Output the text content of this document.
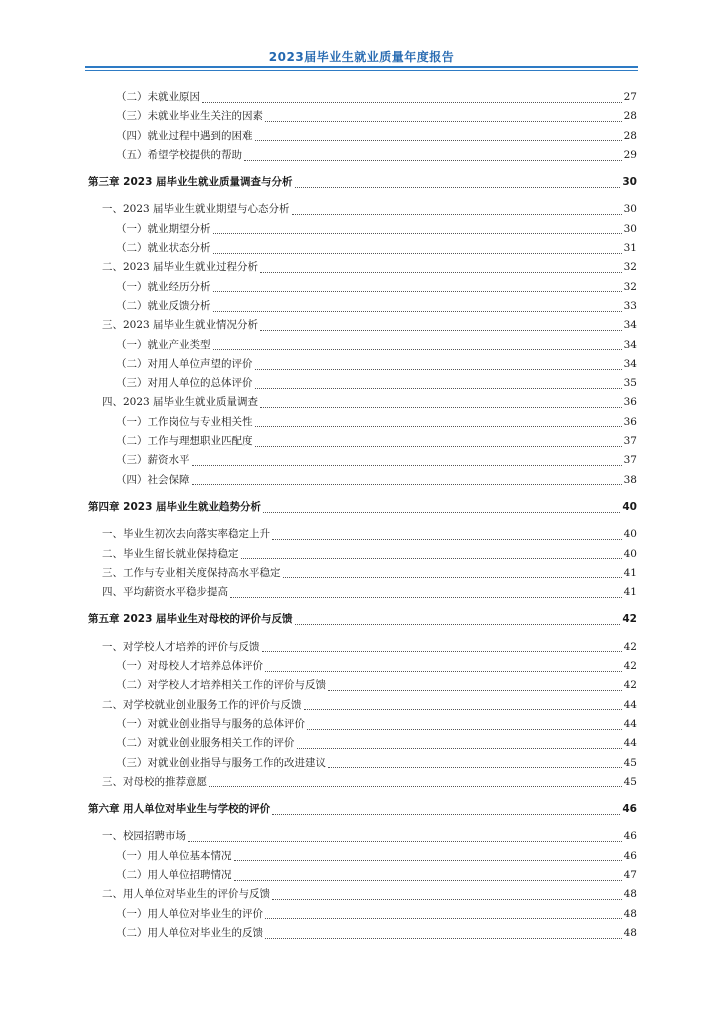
2023届毕业生就业质量年度报告
（二）未就业原因	27
（三）未就业毕业生关注的因素	28
（四）就业过程中遇到的困难	28
（五）希望学校提供的帮助	29
第三章 2023 届毕业生就业质量调查与分析	30
一、2023 届毕业生就业期望与心态分析	30
（一）就业期望分析	30
（二）就业状态分析	31
二、2023 届毕业生就业过程分析	32
（一）就业经历分析	32
（二）就业反馈分析	33
三、2023 届毕业生就业情况分析	34
（一）就业产业类型	34
（二）对用人单位声望的评价	34
（三）对用人单位的总体评价	35
四、2023 届毕业生就业质量调查	36
（一）工作岗位与专业相关性	36
（二）工作与理想职业匹配度	37
（三）薪资水平	37
（四）社会保障	38
第四章 2023 届毕业生就业趋势分析	40
一、毕业生初次去向落实率稳定上升	40
二、毕业生留长就业保持稳定	40
三、工作与专业相关度保持高水平稳定	41
四、平均薪资水平稳步提高	41
第五章 2023 届毕业生对母校的评价与反馈	42
一、对学校人才培养的评价与反馈	42
（一）对母校人才培养总体评价	42
（二）对学校人才培养相关工作的评价与反馈	42
二、对学校就业创业服务工作的评价与反馈	44
（一）对就业创业指导与服务的总体评价	44
（二）对就业创业服务相关工作的评价	44
（三）对就业创业指导与服务工作的改进建议	45
三、对母校的推荐意愿	45
第六章 用人单位对毕业生与学校的评价	46
一、校园招聘市场	46
（一）用人单位基本情况	46
（二）用人单位招聘情况	47
二、用人单位对毕业生的评价与反馈	48
（一）用人单位对毕业生的评价	48
（二）用人单位对毕业生的反馈	48
